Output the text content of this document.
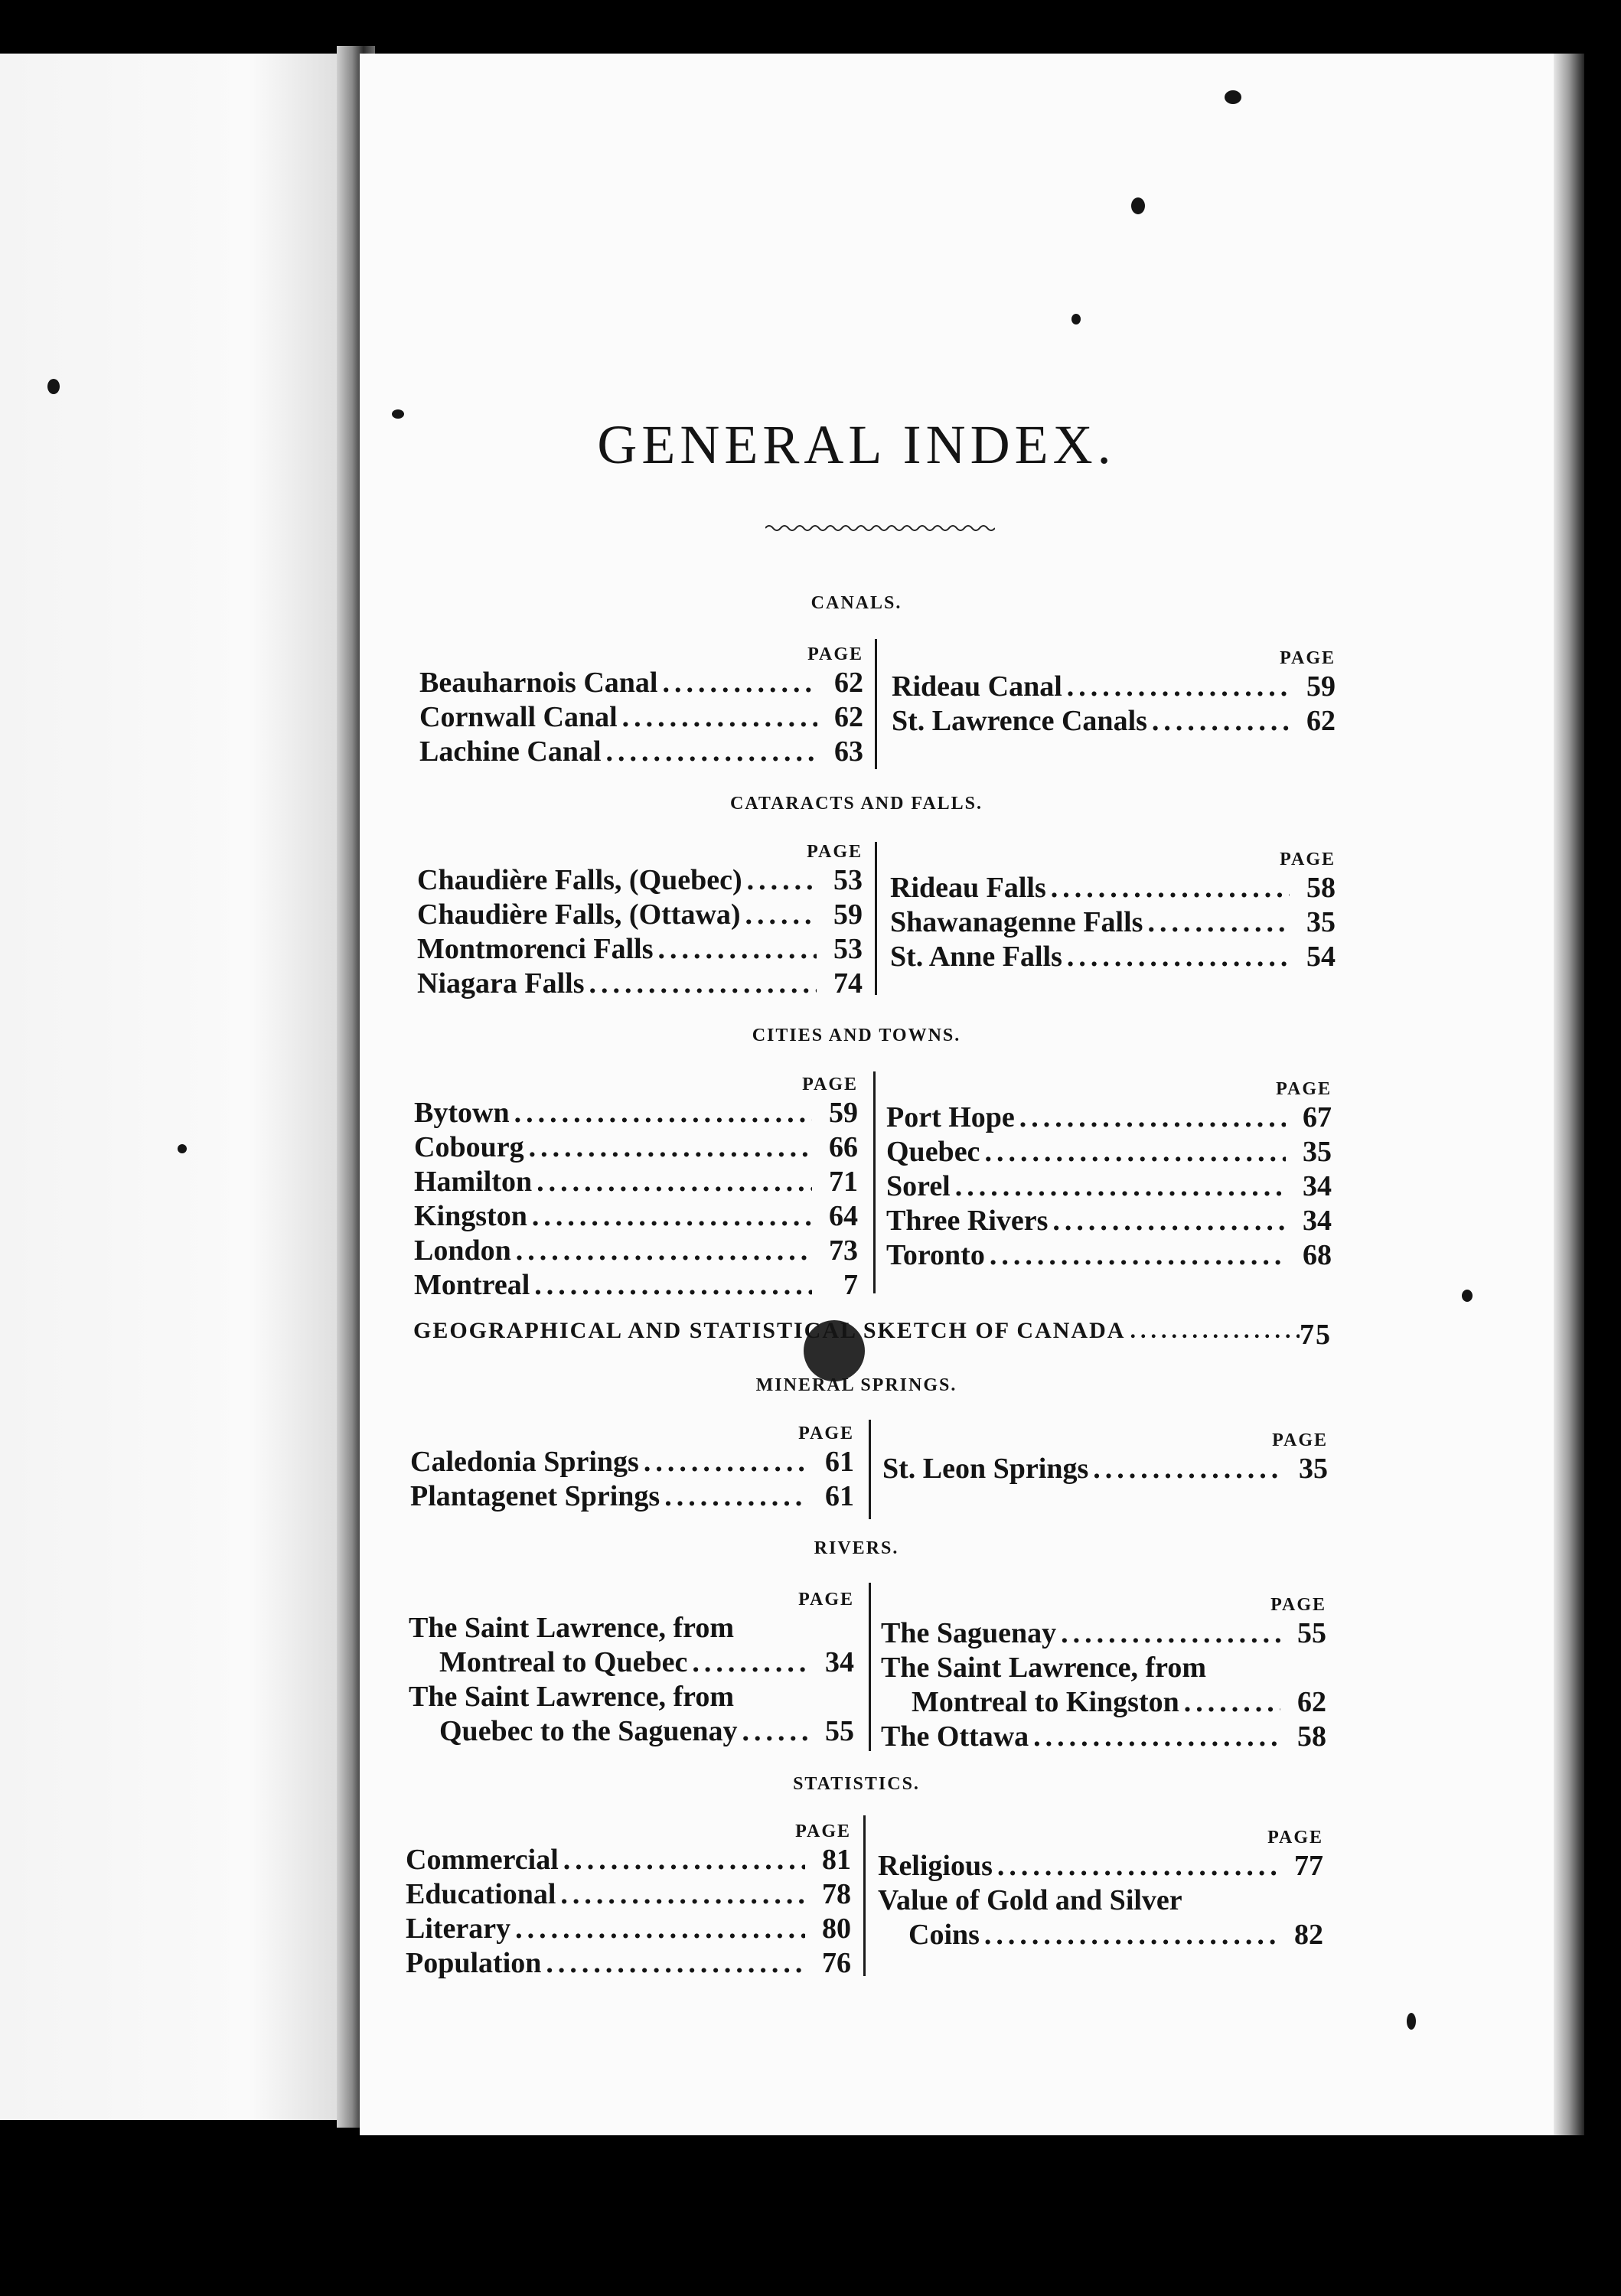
GENERAL INDEX.
CANALS.
PAGE
Beauharnois Canal .....	62
Cornwall Canal .....	62
Lachine Canal .....	63
PAGE
Rideau Canal .....	59
St. Lawrence Canals .....	62
CATARACTS AND FALLS.
PAGE
Chaudière Falls, (Quebec) .....	53
Chaudière Falls, (Ottawa) .....	59
Montmorenci Falls .....	53
Niagara Falls .....	74
PAGE
Rideau Falls .....	58
Shawanagenne Falls .....	35
St. Anne Falls .....	54
CITIES AND TOWNS.
PAGE
Bytown .....	59
Cobourg .....	66
Hamilton .....	71
Kingston .....	64
London .....	73
Montreal .....	7
PAGE
Port Hope .....	67
Quebec .....	35
Sorel .....	34
Three Rivers .....	34
Toronto .....	68
GEOGRAPHICAL AND STATISTICAL SKETCH OF CANADA .....	75
MINERAL SPRINGS.
PAGE
Caledonia Springs .....	61
Plantagenet Springs .....	61
PAGE
St. Leon Springs .....	35
RIVERS.
PAGE
The Saint Lawrence, from
Montreal to Quebec .....	34
The Saint Lawrence, from
Quebec to the Saguenay .....	55
PAGE
The Saguenay .....	55
The Saint Lawrence, from
Montreal to Kingston .....	62
The Ottawa .....	58
STATISTICS.
PAGE
Commercial .....	81
Educational .....	78
Literary .....	80
Population .....	76
PAGE
Religious .....	77
Value of Gold and Silver
Coins .....	82
